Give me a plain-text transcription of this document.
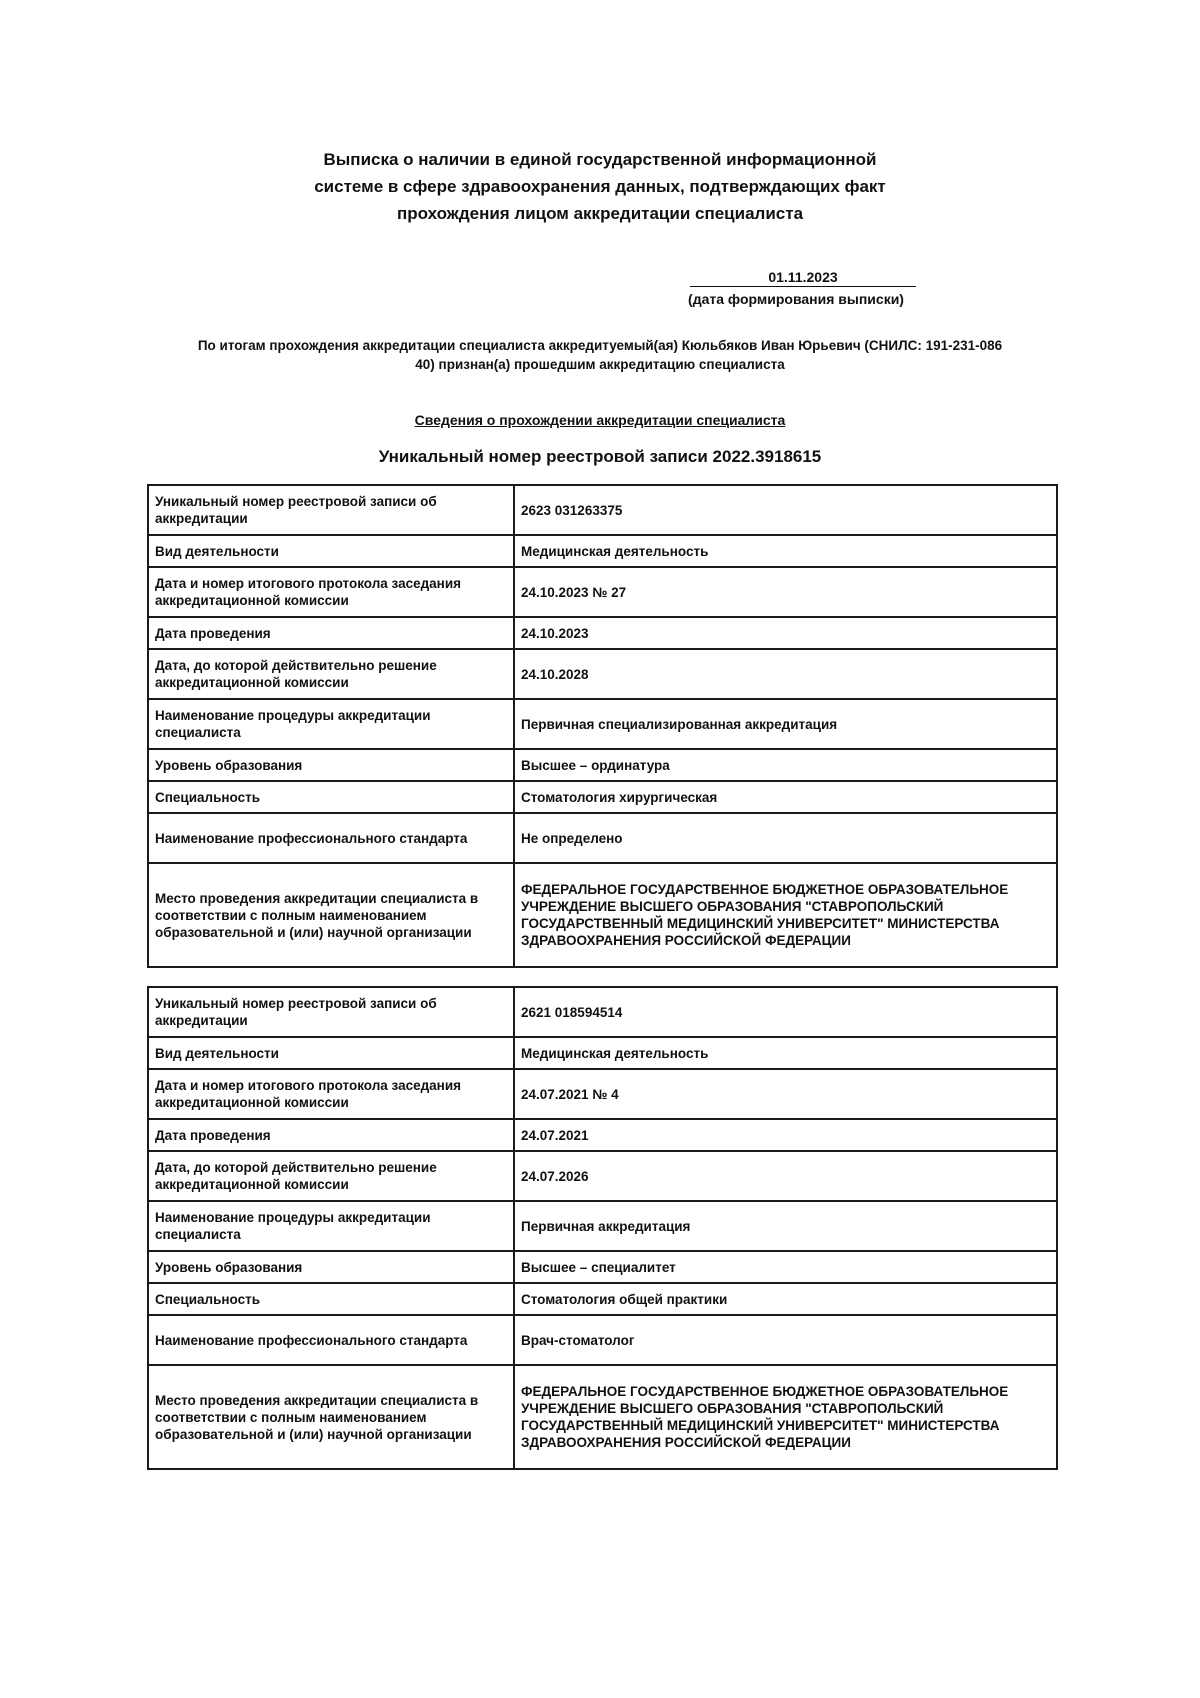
Выписка о наличии в единой государственной информационной
системе в сфере здравоохранения данных, подтверждающих факт
прохождения лицом аккредитации специалиста
01.11.2023
(дата формирования выписки)
По итогам прохождения аккредитации специалиста аккредитуемый(ая) Кюльбяков Иван Юрьевич (СНИЛС: 191-231-086
40) признан(а) прошедшим аккредитацию специалиста
Сведения о прохождении аккредитации специалиста
Уникальный номер реестровой записи 2022.3918615
Уникальный номер реестровой записи об аккредитации	2623 031263375
Вид деятельности	Медицинская деятельность
Дата и номер итогового протокола заседания аккредитационной комиссии	24.10.2023 № 27
Дата проведения	24.10.2023
Дата, до которой действительно решение аккредитационной комиссии	24.10.2028
Наименование процедуры аккредитации специалиста	Первичная специализированная аккредитация
Уровень образования	Высшее – ординатура
Специальность	Стоматология хирургическая
Наименование профессионального стандарта	Не определено
Место проведения аккредитации специалиста в соответствии с полным наименованием образовательной и (или) научной организации	ФЕДЕРАЛЬНОЕ ГОСУДАРСТВЕННОЕ БЮДЖЕТНОЕ ОБРАЗОВАТЕЛЬНОЕ УЧРЕЖДЕНИЕ ВЫСШЕГО ОБРАЗОВАНИЯ "СТАВРОПОЛЬСКИЙ ГОСУДАРСТВЕННЫЙ МЕДИЦИНСКИЙ УНИВЕРСИТЕТ" МИНИСТЕРСТВА ЗДРАВООХРАНЕНИЯ РОССИЙСКОЙ ФЕДЕРАЦИИ
Уникальный номер реестровой записи об аккредитации	2621 018594514
Вид деятельности	Медицинская деятельность
Дата и номер итогового протокола заседания аккредитационной комиссии	24.07.2021 № 4
Дата проведения	24.07.2021
Дата, до которой действительно решение аккредитационной комиссии	24.07.2026
Наименование процедуры аккредитации специалиста	Первичная аккредитация
Уровень образования	Высшее – специалитет
Специальность	Стоматология общей практики
Наименование профессионального стандарта	Врач-стоматолог
Место проведения аккредитации специалиста в соответствии с полным наименованием образовательной и (или) научной организации	ФЕДЕРАЛЬНОЕ ГОСУДАРСТВЕННОЕ БЮДЖЕТНОЕ ОБРАЗОВАТЕЛЬНОЕ УЧРЕЖДЕНИЕ ВЫСШЕГО ОБРАЗОВАНИЯ "СТАВРОПОЛЬСКИЙ ГОСУДАРСТВЕННЫЙ МЕДИЦИНСКИЙ УНИВЕРСИТЕТ" МИНИСТЕРСТВА ЗДРАВООХРАНЕНИЯ РОССИЙСКОЙ ФЕДЕРАЦИИ
